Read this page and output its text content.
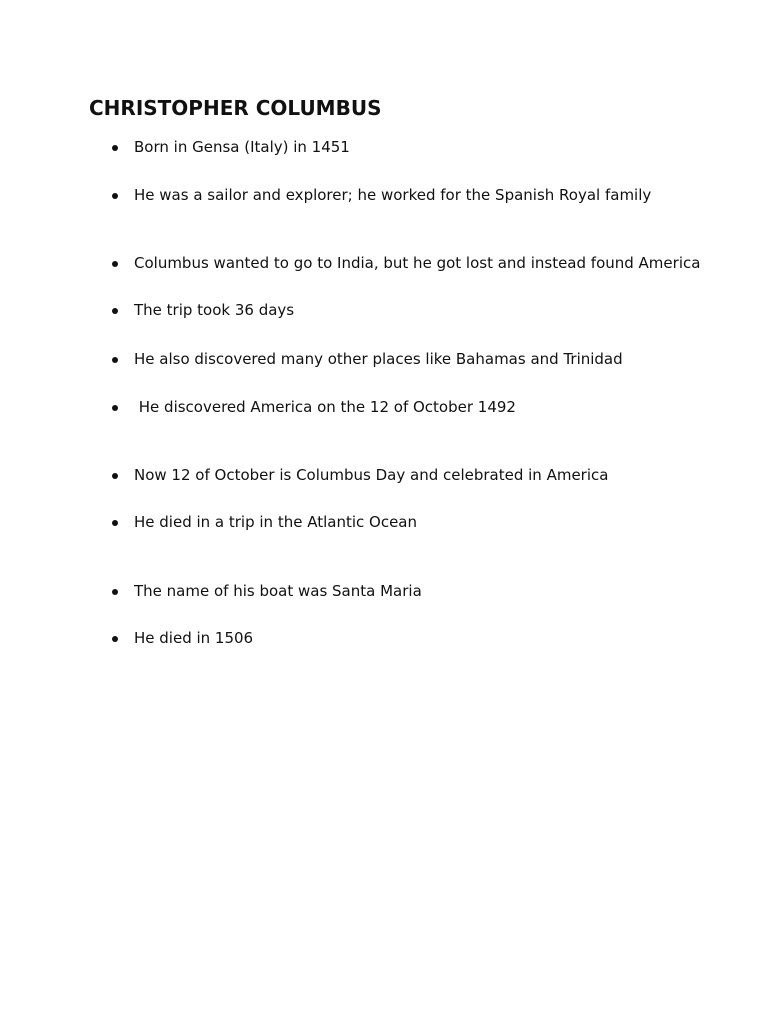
CHRISTOPHER COLUMBUS
Born in Gensa (Italy) in 1451
He was a sailor and explorer; he worked for the Spanish Royal family
Columbus wanted to go to India, but he got lost and instead found America
The trip took 36 days
He also discovered many other places like Bahamas and Trinidad
He discovered America on the 12 of October 1492
Now 12 of October is Columbus Day and celebrated in America
He died in a trip in the Atlantic Ocean
The name of his boat was Santa Maria
He died in 1506
